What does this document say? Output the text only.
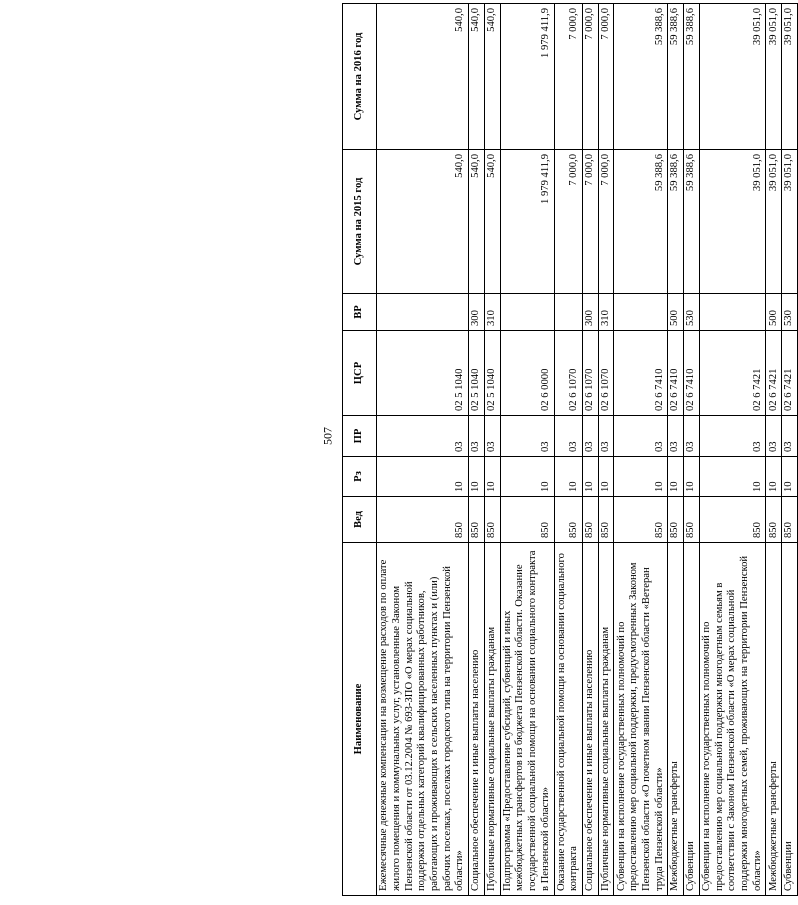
507
Наименование	Вед	Рз	ПР	ЦСР	ВР	Сумма на 2015 год	Сумма на 2016 год
Ежемесячные денежные компенсации на возмещение расходов по оплате жилого помещения и коммунальных услуг, установленные Законом Пензенской области от 03.12.2004 № 693-ЗПО «О мерах социальной поддержки отдельных категорий квалифицированных работников, работающих и проживающих в сельских населенных пунктах и (или) рабочих поселках, поселках городского типа на территории Пензенской области»	850	10	03	02 5 1040		540,0	540,0
Социальное обеспечение и иные выплаты населению	850	10	03	02 5 1040	300	540,0	540,0
Публичные нормативные социальные выплаты гражданам	850	10	03	02 5 1040	310	540,0	540,0
Подпрограмма «Предоставление субсидий, субвенций и иных межбюджетных трансфертов из бюджета Пензенской области. Оказание государственной социальной помощи на основании социального контракта в Пензенской области»	850	10	03	02 6 0000		1 979 411,9	1 979 411,9
Оказание государственной социальной помощи на основании социального контракта	850	10	03	02 6 1070		7 000,0	7 000,0
Социальное обеспечение и иные выплаты населению	850	10	03	02 6 1070	300	7 000,0	7 000,0
Публичные нормативные социальные выплаты гражданам	850	10	03	02 6 1070	310	7 000,0	7 000,0
Субвенции на исполнение государственных полномочий по предоставлению мер социальной поддержки, предусмотренных Законом Пензенской области «О почетном звании Пензенской области «Ветеран труда Пензенской области»	850	10	03	02 6 7410		59 388,6	59 388,6
Межбюджетные трансферты	850	10	03	02 6 7410	500	59 388,6	59 388,6
Субвенции	850	10	03	02 6 7410	530	59 388,6	59 388,6
Субвенции на исполнение государственных полномочий по предоставлению мер социальной поддержки многодетным семьям в соответствии с Законом Пензенской области «О мерах социальной поддержки многодетных семей, проживающих на территории Пензенской области»	850	10	03	02 6 7421		39 051,0	39 051,0
Межбюджетные трансферты	850	10	03	02 6 7421	500	39 051,0	39 051,0
Субвенции	850	10	03	02 6 7421	530	39 051,0	39 051,0
